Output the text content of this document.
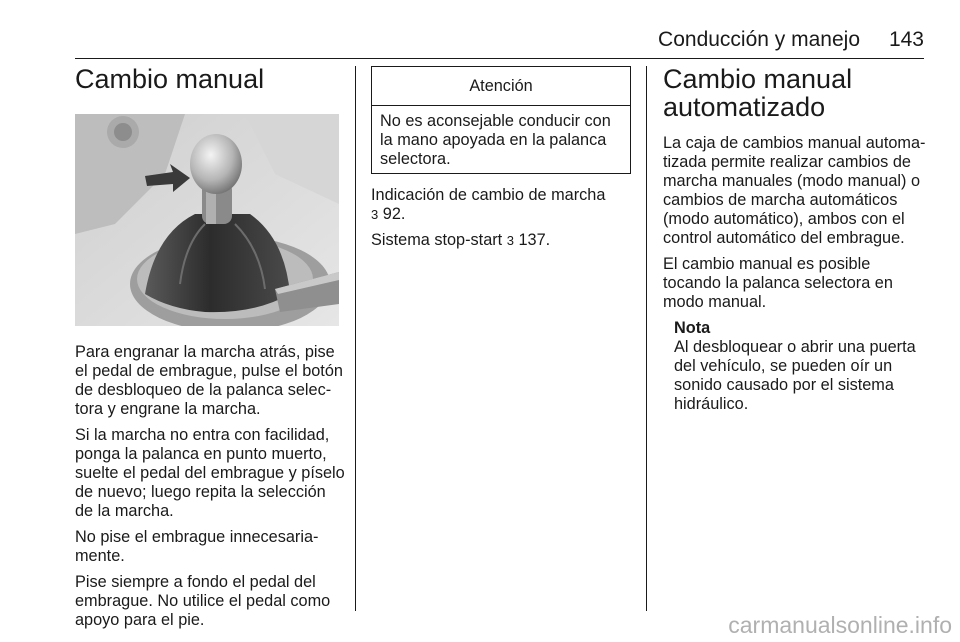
Conducción y manejo	143
Cambio manual

Para engranar la marcha atrás, pise el pedal de embrague, pulse el botón de desbloqueo de la palanca selec‑ tora y engrane la marcha.

Si la marcha no entra con facilidad, ponga la palanca en punto muerto, suelte el pedal del embrague y píselo de nuevo; luego repita la selección de la marcha.

No pise el embrague innecesaria‑ mente.

Pise siempre a fondo el pedal del embrague. No utilice el pedal como apoyo para el pie.

Atención
No es aconsejable conducir con la mano apoyada en la palanca selectora.

Indicación de cambio de marcha
3 92.

Sistema stop-start 3 137.

Cambio manual automatizado

La caja de cambios manual automa‑ tizada permite realizar cambios de marcha manuales (modo manual) o cambios de marcha automáticos (modo automático), ambos con el control automático del embrague.

El cambio manual es posible tocando la palanca selectora en modo manual.

Nota
Al desbloquear o abrir una puerta del vehículo, se pueden oír un sonido causado por el sistema hidráulico.
carmanualsonline.info
